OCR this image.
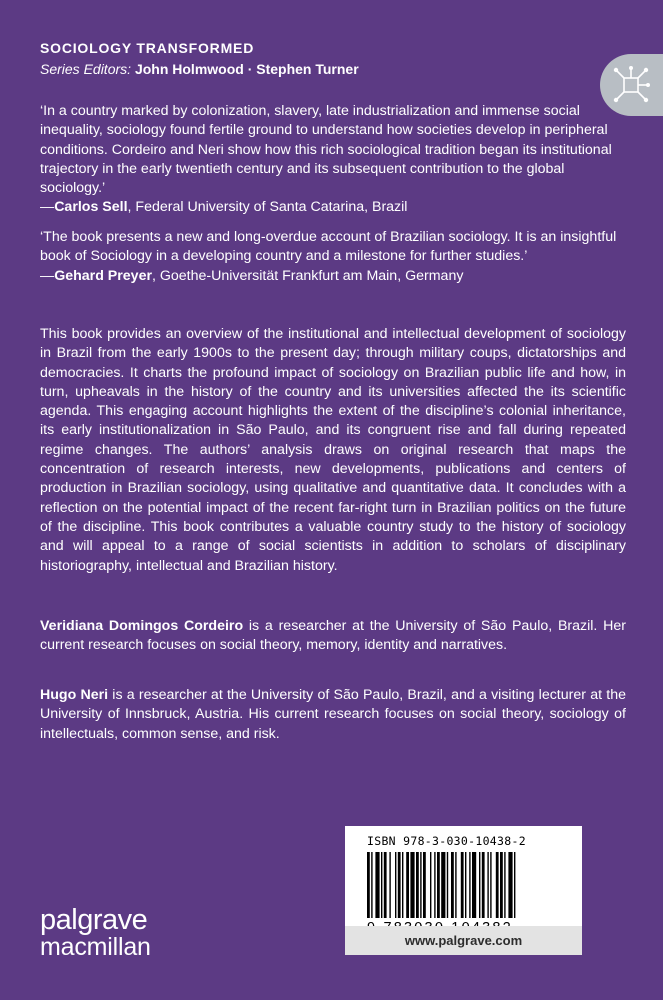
SOCIOLOGY TRANSFORMED
Series Editors: John Holmwood · Stephen Turner

‘In a country marked by colonization, slavery, late industrialization and immense social inequality, sociology found fertile ground to understand how societies develop in peripheral conditions. Cordeiro and Neri show how this rich sociological tradition began its institutional trajectory in the early twentieth century and its subsequent contribution to the global sociology.’

—Carlos Sell, Federal University of Santa Catarina, Brazil

‘The book presents a new and long-overdue account of Brazilian sociology. It is an insightful book of Sociology in a developing country and a milestone for further studies.’

—Gehard Preyer, Goethe-Universität Frankfurt am Main, Germany

This book provides an overview of the institutional and intellectual development of sociology in Brazil from the early 1900s to the present day; through military coups, dictatorships and democracies. It charts the profound impact of sociology on Brazilian public life and how, in turn, upheavals in the history of the country and its universities affected the its scientific agenda. This engaging account highlights the extent of the discipline’s colonial inheritance, its early institutionalization in São Paulo, and its congruent rise and fall during repeated regime changes. The authors’ analysis draws on original research that maps the concentration of research interests, new developments, publications and centers of production in Brazilian sociology, using qualitative and quantitative data. It concludes with a reflection on the potential impact of the recent far-right turn in Brazilian politics on the future of the discipline. This book contributes a valuable country study to the history of sociology and will appeal to a range of social scientists in addition to scholars of disciplinary historiography, intellectual and Brazilian history.

Veridiana Domingos Cordeiro is a researcher at the University of São Paulo, Brazil. Her current research focuses on social theory, memory, identity and narratives.

Hugo Neri is a researcher at the University of São Paulo, Brazil, and a visiting lecturer at the University of Innsbruck, Austria. His current research focuses on social theory, sociology of intellectuals, common sense, and risk.

ISBN 978-3-030-10438-2
www.palgrave.com
palgrave
macmillan
